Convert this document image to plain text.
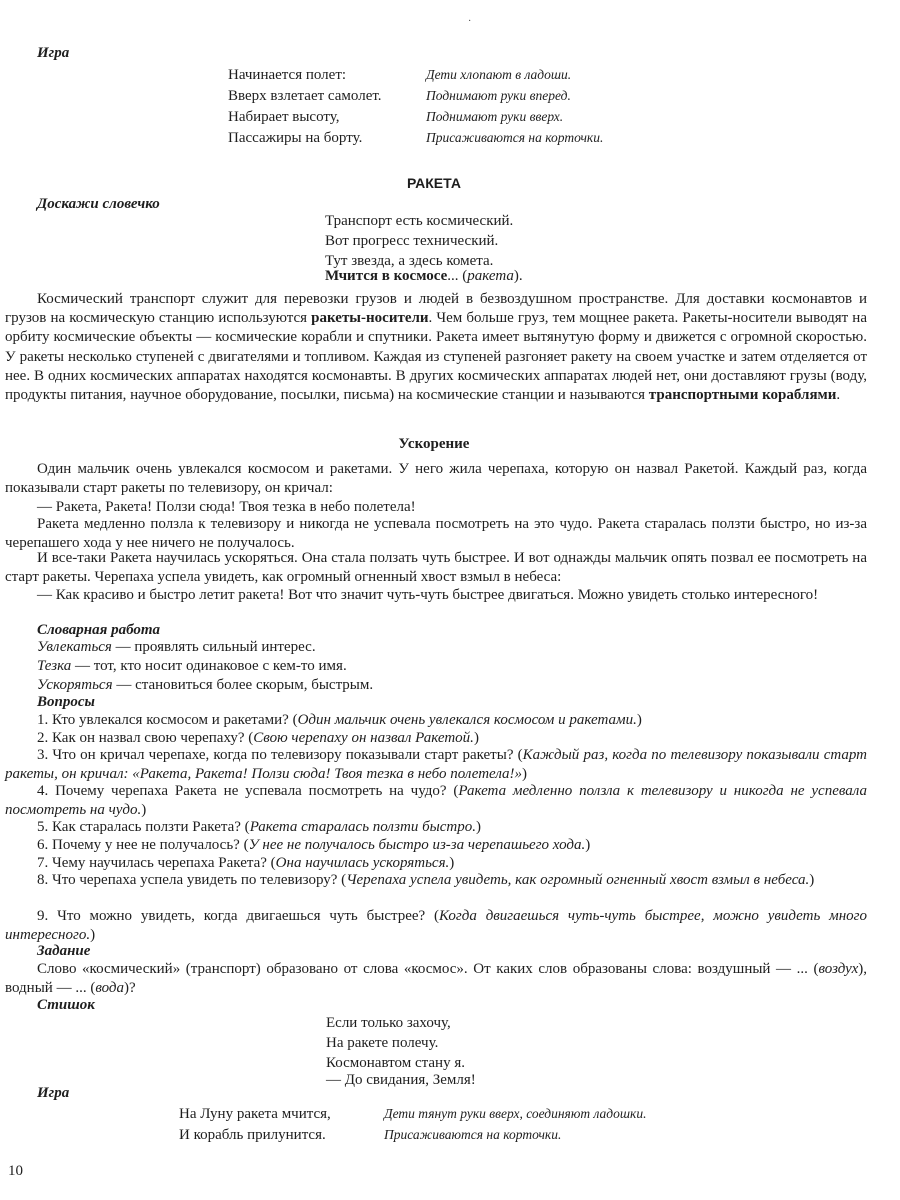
·
Игра
Начинается полет:	Дети хлопают в ладоши.
Вверх взлетает самолет.	Поднимают руки вперед.
Набирает высоту,	Поднимают руки вверх.
Пассажиры на борту.	Присаживаются на корточки.
РАКЕТА
Доскажи словечко
Транспорт есть космический.
Вот прогресс технический.
Тут звезда, а здесь комета.
Мчится в космосе... (ракета).
Космический транспорт служит для перевозки грузов и людей в безвоздушном пространстве. Для доставки космонавтов и грузов на космическую станцию используются ракеты-носители. Чем больше груз, тем мощнее ракета. Ракеты-носители выводят на орбиту космические объекты — космические корабли и спутники. Ракета имеет вытянутую форму и движется с огромной скоростью. У ракеты несколько ступеней с двигателями и топливом. Каждая из ступеней разгоняет ракету на своем участке и затем отделяется от нее. В одних космических аппаратах находятся космонавты. В других космических аппаратах людей нет, они доставляют грузы (воду, продукты питания, научное оборудование, посылки, письма) на космические станции и называются транспортными кораблями.
Ускорение
Один мальчик очень увлекался космосом и ракетами. У него жила черепаха, которую он назвал Ракетой. Каждый раз, когда показывали старт ракеты по телевизору, он кричал:
— Ракета, Ракета! Ползи сюда! Твоя тезка в небо полетела!
Ракета медленно ползла к телевизору и никогда не успевала посмотреть на это чудо. Ракета старалась ползти быстро, но из-за черепашего хода у нее ничего не получалось.
И все-таки Ракета научилась ускоряться. Она стала ползать чуть быстрее. И вот однажды мальчик опять позвал ее посмотреть на старт ракеты. Черепаха успела увидеть, как огромный огненный хвост взмыл в небеса:
— Как красиво и быстро летит ракета! Вот что значит чуть-чуть быстрее двигаться. Можно увидеть столько интересного!
Словарная работа
Увлекаться — проявлять сильный интерес.
Тезка — тот, кто носит одинаковое с кем-то имя.
Ускоряться — становиться более скорым, быстрым.
Вопросы
1. Кто увлекался космосом и ракетами? (Один мальчик очень увлекался космосом и ракетами.)
2. Как он назвал свою черепаху? (Свою черепаху он назвал Ракетой.)
3. Что он кричал черепахе, когда по телевизору показывали старт ракеты? (Каждый раз, когда по телевизору показывали старт ракеты, он кричал: «Ракета, Ракета! Ползи сюда! Твоя тезка в небо полетела!»)
4. Почему черепаха Ракета не успевала посмотреть на чудо? (Ракета медленно ползла к телевизору и никогда не успевала посмотреть на чудо.)
5. Как старалась ползти Ракета? (Ракета старалась ползти быстро.)
6. Почему у нее не получалось? (У нее не получалось быстро из-за черепашьего хода.)
7. Чему научилась черепаха Ракета? (Она научилась ускоряться.)
8. Что черепаха успела увидеть по телевизору? (Черепаха успела увидеть, как огромный огненный хвост взмыл в небеса.)
9. Что можно увидеть, когда двигаешься чуть быстрее? (Когда двигаешься чуть-чуть быстрее, можно увидеть много интересного.)
Задание
Слово «космический» (транспорт) образовано от слова «космос». От каких слов образованы слова: воздушный — ... (воздух), водный — ... (вода)?
Стишок
Если только захочу,
На ракете полечу.
Космонавтом стану я.
— До свидания, Земля!
Игра
На Луну ракета мчится,	Дети тянут руки вверх, соединяют ладошки.
И корабль прилунится.	Присаживаются на корточки.
10
